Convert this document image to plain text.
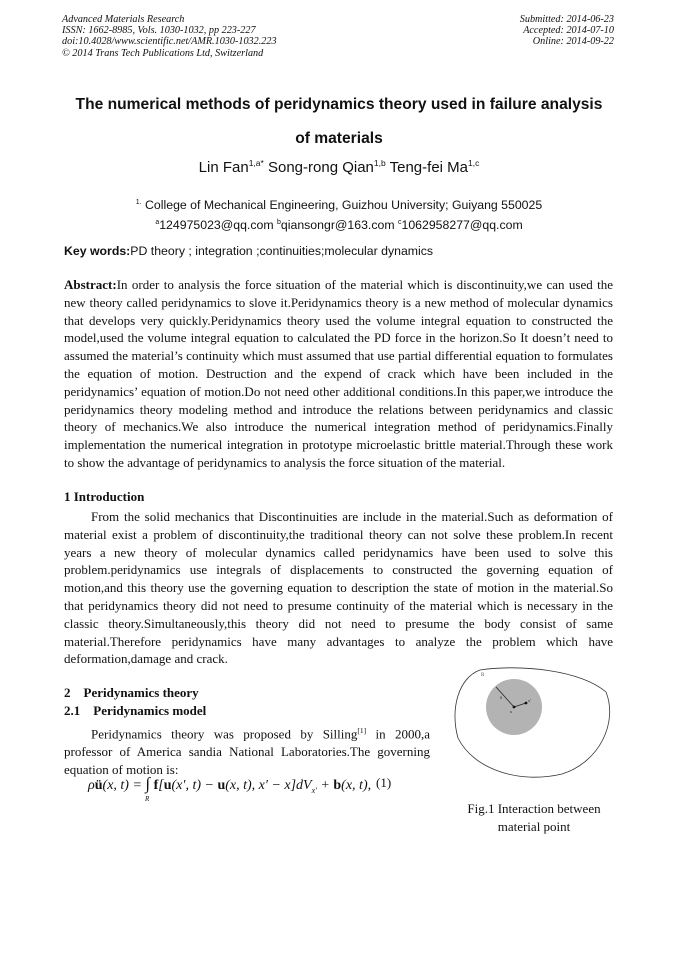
Advanced Materials Research
ISSN: 1662-8985, Vols. 1030-1032, pp 223-227
doi:10.4028/www.scientific.net/AMR.1030-1032.223
© 2014 Trans Tech Publications Ltd, Switzerland
Submitted: 2014-06-23
Accepted: 2014-07-10
Online: 2014-09-22
The numerical methods of peridynamics theory used in failure analysis
of materials
Lin Fan$^{1,a*}$ Song-rong Qian$^{1,b}$ Teng-fei Ma$^{1,c}$
$^{1.}$ College of Mechanical Engineering, Guizhou University; Guiyang 550025
$^a$124975023@qq.com $^b$qiansongr@163.com $^c$1062958277@qq.com
Key words:PD theory ; integration ;continuities;molecular dynamics
Abstract:In order to analysis the force situation of the material which is discontinuity,we can used the new theory called peridynamics to slove it.Peridynamics theory is a new method of molecular dynamics that develops very quickly.Peridynamics theory used the volume integral equation to constructed the model,used the volume integral equation to calculated the PD force in the horizon.So It doesn’t need to assumed the material’s continuity which must assumed that use partial differential equation to formulates the equation of motion. Destruction and the expend of crack which have been included in the peridynamics’ equation of motion.Do not need other additional conditions.In this paper,we introduce the peridynamics theory modeling method and introduce the relations between peridynamics and classic theory of mechanics.We also introduce the numerical integration method of peridynamics.Finally implementation the numerical integration in prototype microelastic brittle material.Through these work to show the advantage of peridynamics to analysis the force situation of the material.
1 Introduction
From the solid mechanics that Discontinuities are include in the material.Such as deformation of material exist a problem of discontinuity,the traditional theory can not solve these problem.In recent years a new theory of molecular dynamics called peridynamics have been used to solve this problem.peridynamics use integrals of displacements to constructed the governing equation of motion,and this theory use the governing equation to description the state of motion in the material.So that peridynamics theory did not need to presume continuity of the material which is necessary in the classic theory.Simultaneously,this theory did not need to presume the body consist of same material.Therefore peridynamics have many advantages to analyze the problem which have deformation,damage and crack.
2    Peridynamics theory
2.1    Peridynamics model
Peridynamics theory was proposed by Silling[1] in 2000,a professor of America sandia National Laboratories.The governing equation of motion is:
ρü(x, t) = ∫ f[u(x′, t) − u(x, t), $x' - x]dV_{x'} + b(x$, t),
R
(1)
R
δ
x
x'
Fig.1 Interaction between
material point
